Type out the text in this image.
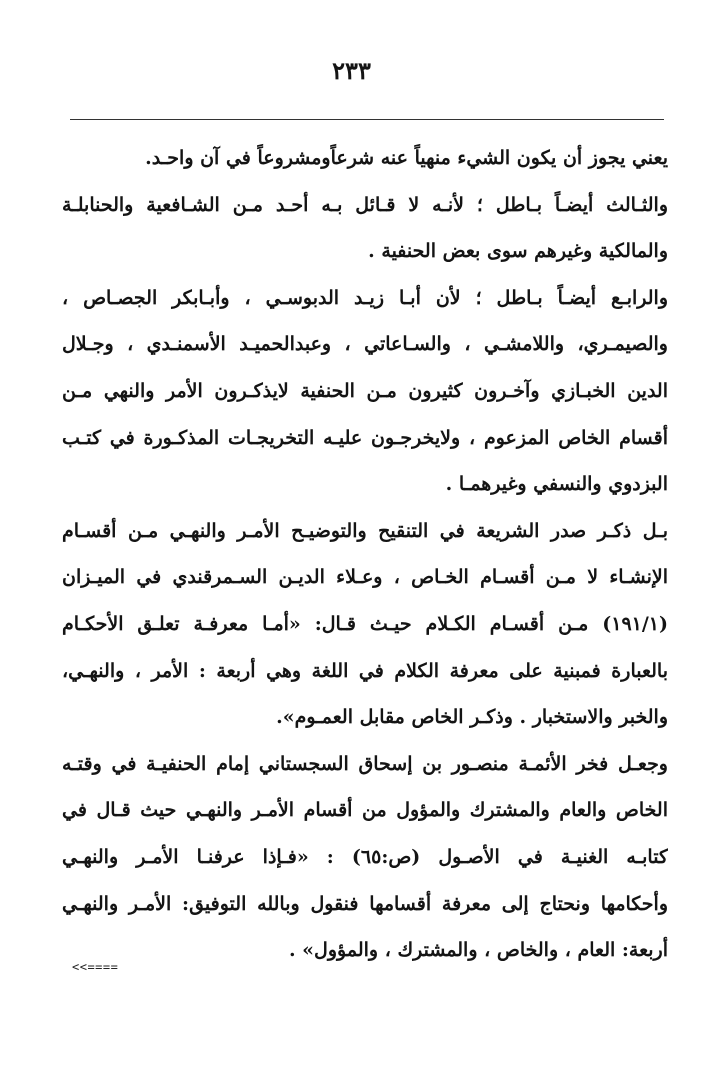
٢٣٣
يعني يجوز أن يكون الشيء منهياً عنه شرعاًومشروعاً في آن واحـد.
والثـالث أيضـاً بـاطل ؛ لأنـه لا قـائل بـه أحـد مـن الشـافعية والحنابلـة
والمالكية وغيرهم سوى بعض الحنفية .
والرابـع أيضـاً بـاطل ؛ لأن أبـا زيـد الدبوسـي ، وأبـابكر الجصـاص ،
والصيمـري، واللامشـي ، والسـاعاتي ، وعبدالحميـد الأسمنـدي ، وجـلال
الدين الخبـازي وآخـرون كثيرون مـن الحنفية لايذكـرون الأمر والنهي مـن
أقسام الخاص المزعوم ، ولايخرجـون عليـه التخريجـات المذكـورة في كتـب
البزدوي والنسفي وغيرهمـا .
بـل ذكـر صدر الشريعة في التنقيح والتوضيـح الأمـر والنهـي مـن أقسـام
الإنشـاء لا مـن أقسـام الخـاص ، وعـلاء الديـن السـمرقندي في الميـزان
(١٩١/١) مـن أقسـام الكـلام حيـث قـال: «أمـا معرفـة تعلـق الأحكـام
بالعبارة فمبنية على معرفة الكلام في اللغة وهي أربعة : الأمر ، والنهـي،
والخبر والاستخبار . وذكـر الخاص مقابل العمـوم».
وجعـل فخر الأئمـة منصـور بن إسحاق السجستاني إمام الحنفيـة في وقتـه
الخاص والعام والمشترك والمؤول من أقسام الأمـر والنهـي حيث قـال في
كتابـه الغنيـة في الأصـول (ص:٦٥) : «فـإذا عرفنـا الأمـر والنهـي
وأحكامها ونحتاج إلى معرفة أقسامها فنقول وبالله التوفيق: الأمـر والنهـي
أربعة: العام ، والخاص ، والمشترك ، والمؤول» .
<<====
